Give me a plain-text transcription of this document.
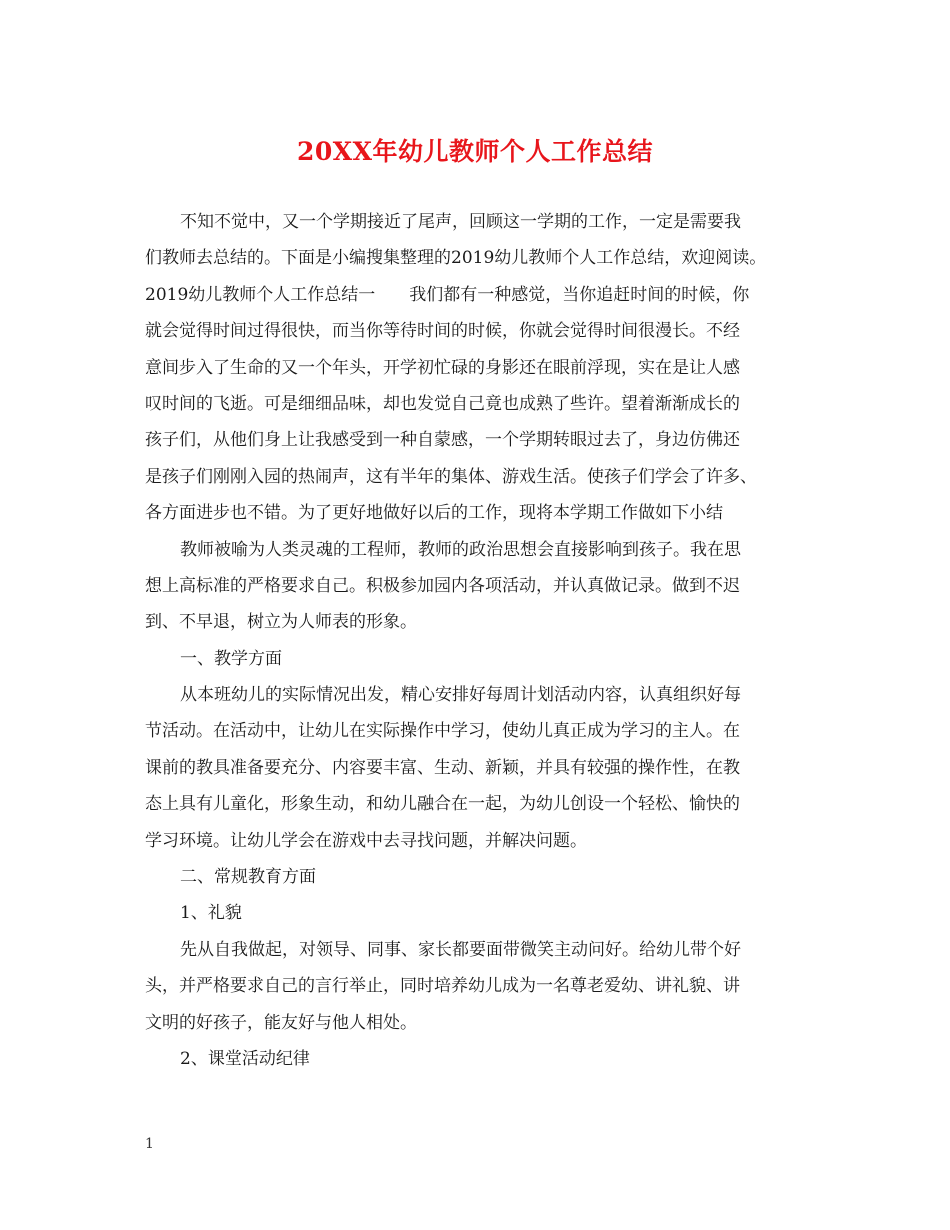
20XX年幼儿教师个人工作总结
不知不觉中，又一个学期接近了尾声，回顾这一学期的工作，一定是需要我
们教师去总结的。下面是小编搜集整理的2019幼儿教师个人工作总结，欢迎阅读。
2019幼儿教师个人工作总结一　　我们都有一种感觉，当你追赶时间的时候，你
就会觉得时间过得很快，而当你等待时间的时候，你就会觉得时间很漫长。不经
意间步入了生命的又一个年头，开学初忙碌的身影还在眼前浮现，实在是让人感
叹时间的飞逝。可是细细品味，却也发觉自己竟也成熟了些许。望着渐渐成长的
孩子们，从他们身上让我感受到一种自蒙感，一个学期转眼过去了，身边仿佛还
是孩子们刚刚入园的热闹声，这有半年的集体、游戏生活。使孩子们学会了许多、
各方面进步也不错。为了更好地做好以后的工作，现将本学期工作做如下小结
教师被喻为人类灵魂的工程师，教师的政治思想会直接影响到孩子。我在思
想上高标准的严格要求自己。积极参加园内各项活动，并认真做记录。做到不迟
到、不早退，树立为人师表的形象。
一、教学方面
从本班幼儿的实际情况出发，精心安排好每周计划活动内容，认真组织好每
节活动。在活动中，让幼儿在实际操作中学习，使幼儿真正成为学习的主人。在
课前的教具准备要充分、内容要丰富、生动、新颖，并具有较强的操作性，在教
态上具有儿童化，形象生动，和幼儿融合在一起，为幼儿创设一个轻松、愉快的
学习环境。让幼儿学会在游戏中去寻找问题，并解决问题。
二、常规教育方面
1、礼貌
先从自我做起，对领导、同事、家长都要面带微笑主动问好。给幼儿带个好
头，并严格要求自己的言行举止，同时培养幼儿成为一名尊老爱幼、讲礼貌、讲
文明的好孩子，能友好与他人相处。
2、课堂活动纪律
1
